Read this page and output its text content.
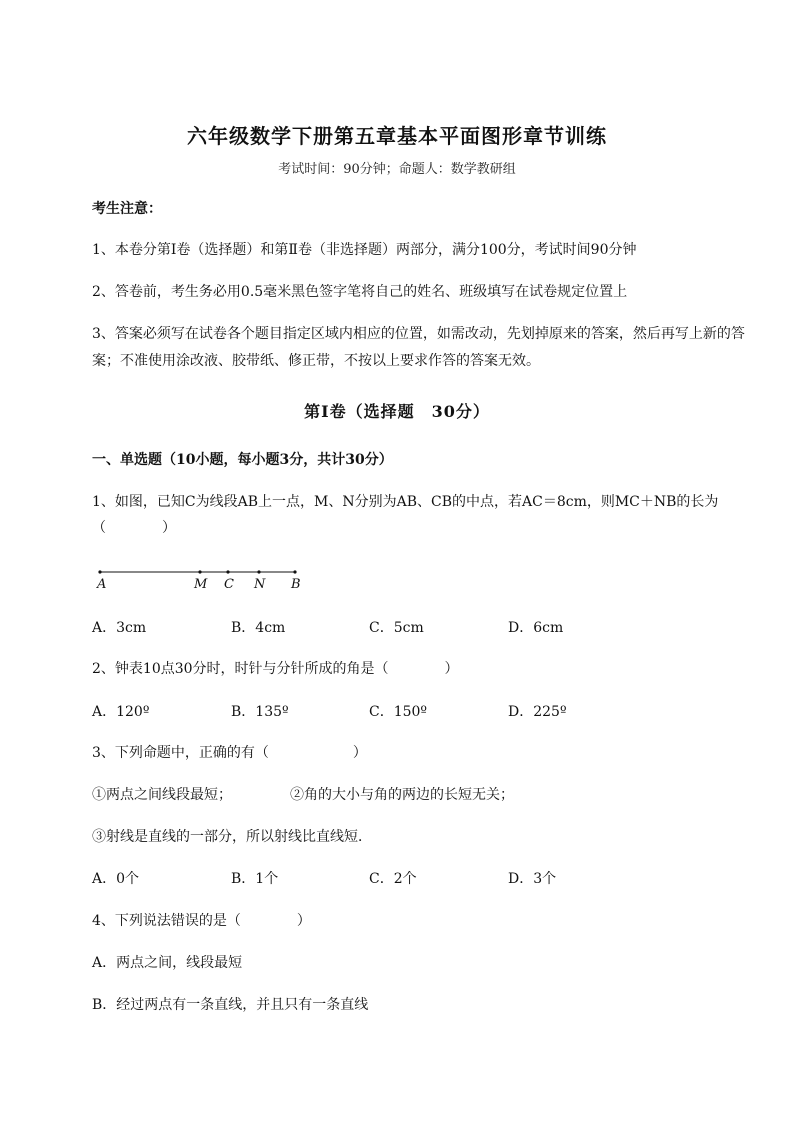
六年级数学下册第五章基本平面图形章节训练
考试时间：90分钟；命题人：数学教研组
考生注意：
1、本卷分第I卷（选择题）和第Ⅱ卷（非选择题）两部分，满分100分，考试时间90分钟
2、答卷前，考生务必用0.5毫米黑色签字笔将自己的姓名、班级填写在试卷规定位置上
3、答案必须写在试卷各个题目指定区域内相应的位置，如需改动，先划掉原来的答案，然后再写上新的答案；不准使用涂改液、胶带纸、修正带，不按以上要求作答的答案无效。
第I卷（选择题　30分）
一、单选题（10小题，每小题3分，共计30分）
1、如图，已知C为线段AB上一点，M、N分别为AB、CB的中点，若AC＝8cm，则MC＋NB的长为
（　　　　）
A	M C N B
A．3cm	B．4cm	C．5cm	D．6cm
2、钟表10点30分时，时针与分针所成的角是（　　　　）
A．120º	B．135º	C．150º	D．225º
3、下列命题中，正确的有（　　　　　　）
①两点之间线段最短；	②角的大小与角的两边的长短无关；
③射线是直线的一部分，所以射线比直线短．
A．0个	B．1个	C．2个	D．3个
4、下列说法错误的是（　　　　）
A．两点之间，线段最短
B．经过两点有一条直线，并且只有一条直线
